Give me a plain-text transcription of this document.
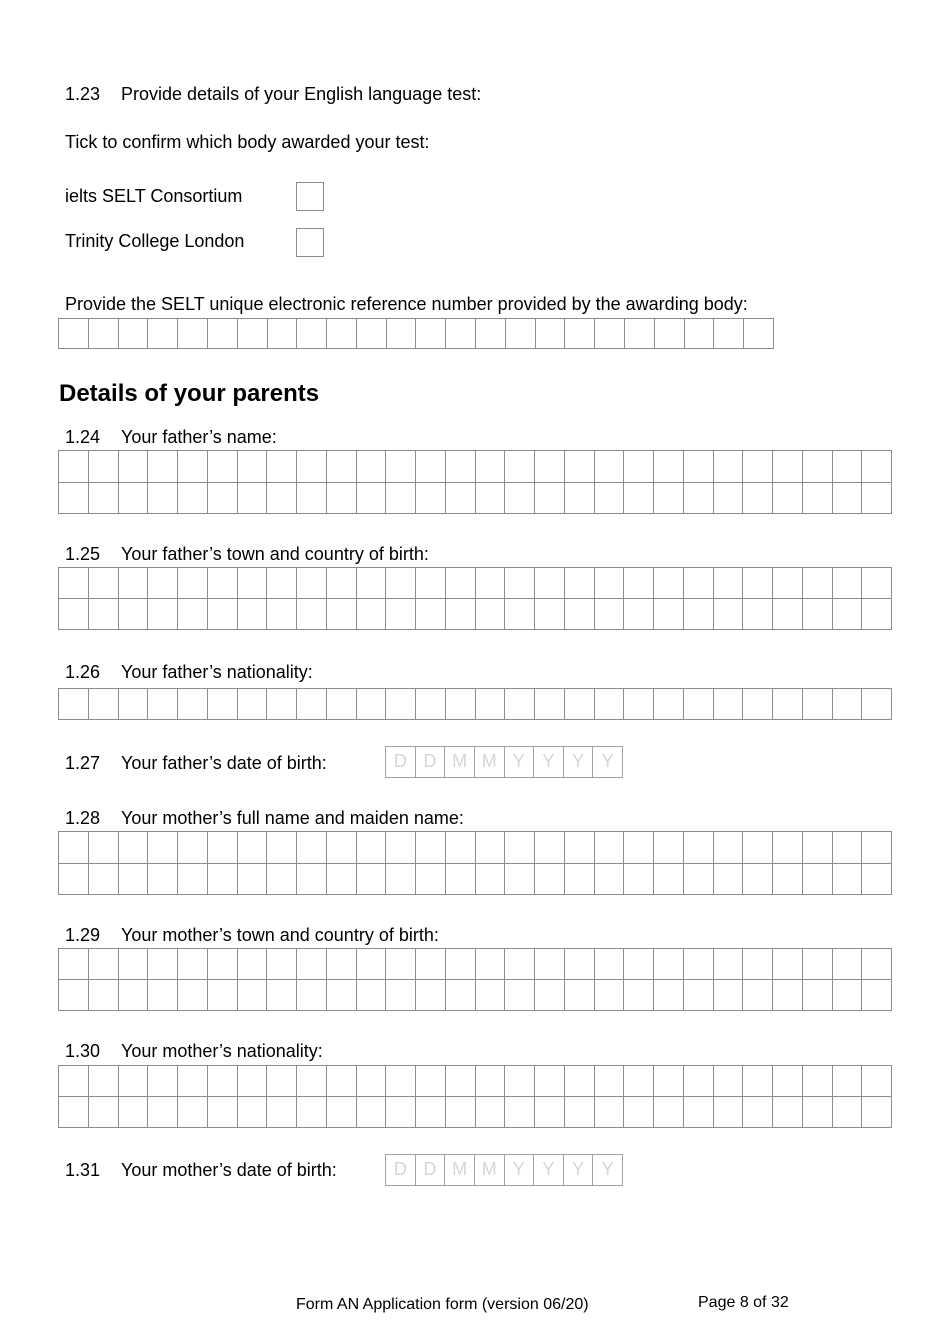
1.23 Provide details of your English language test:
Tick to confirm which body awarded your test:
ielts SELT Consortium
Trinity College London
Provide the SELT unique electronic reference number provided by the awarding body:
Details of your parents
1.24 Your father’s name:
1.25 Your father’s town and country of birth:
1.26 Your father’s nationality:
1.27 Your father’s date of birth:	D D M M Y Y Y Y
1.28 Your mother’s full name and maiden name:
1.29 Your mother’s town and country of birth:
1.30 Your mother’s nationality:
1.31 Your mother’s date of birth:	D D M M Y Y Y Y
Form AN Application form (version 06/20)	Page 8 of 32
